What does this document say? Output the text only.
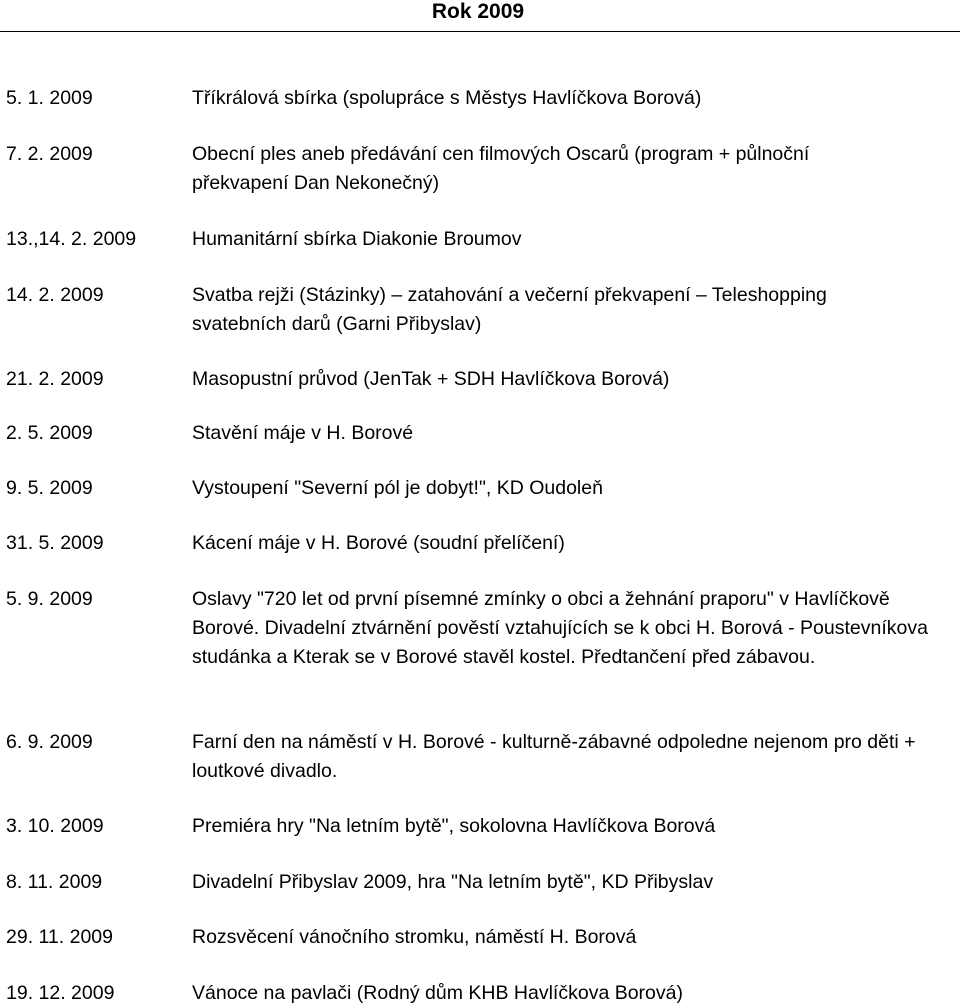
Rok 2009
5. 1. 2009	Tříkrálová sbírka (spolupráce s Městys Havlíčkova Borová)
7. 2. 2009	Obecní ples aneb předávání cen filmových Oscarů (program + půlnoční překvapení Dan Nekonečný)
13.,14. 2. 2009	Humanitární sbírka Diakonie Broumov
14. 2. 2009	Svatba rejži (Stázinky) – zatahování a večerní překvapení – Teleshopping svatebních darů (Garni Přibyslav)
21. 2. 2009	Masopustní průvod (JenTak + SDH Havlíčkova Borová)
2. 5. 2009	Stavění máje v H. Borové
9. 5. 2009	Vystoupení "Severní pól je dobyt!", KD Oudoleň
31. 5. 2009	Kácení máje v H. Borové (soudní přelíčení)
5. 9. 2009	Oslavy "720 let od první písemné zmínky o obci a žehnání praporu" v Havlíčkově Borové. Divadelní ztvárnění pověstí vztahujících se k obci H. Borová - Poustevníkova studánka a Kterak se v Borové stavěl kostel. Předtančení před zábavou.
6. 9. 2009	Farní den na náměstí v H. Borové - kulturně-zábavné odpoledne nejenom pro děti + loutkové divadlo.
3. 10. 2009	Premiéra hry "Na letním bytě", sokolovna Havlíčkova Borová
8. 11. 2009	Divadelní Přibyslav 2009, hra "Na letním bytě", KD Přibyslav
29. 11. 2009	Rozsvěcení vánočního stromku, náměstí H. Borová
19. 12. 2009	Vánoce na pavlači (Rodný dům KHB Havlíčkova Borová)
